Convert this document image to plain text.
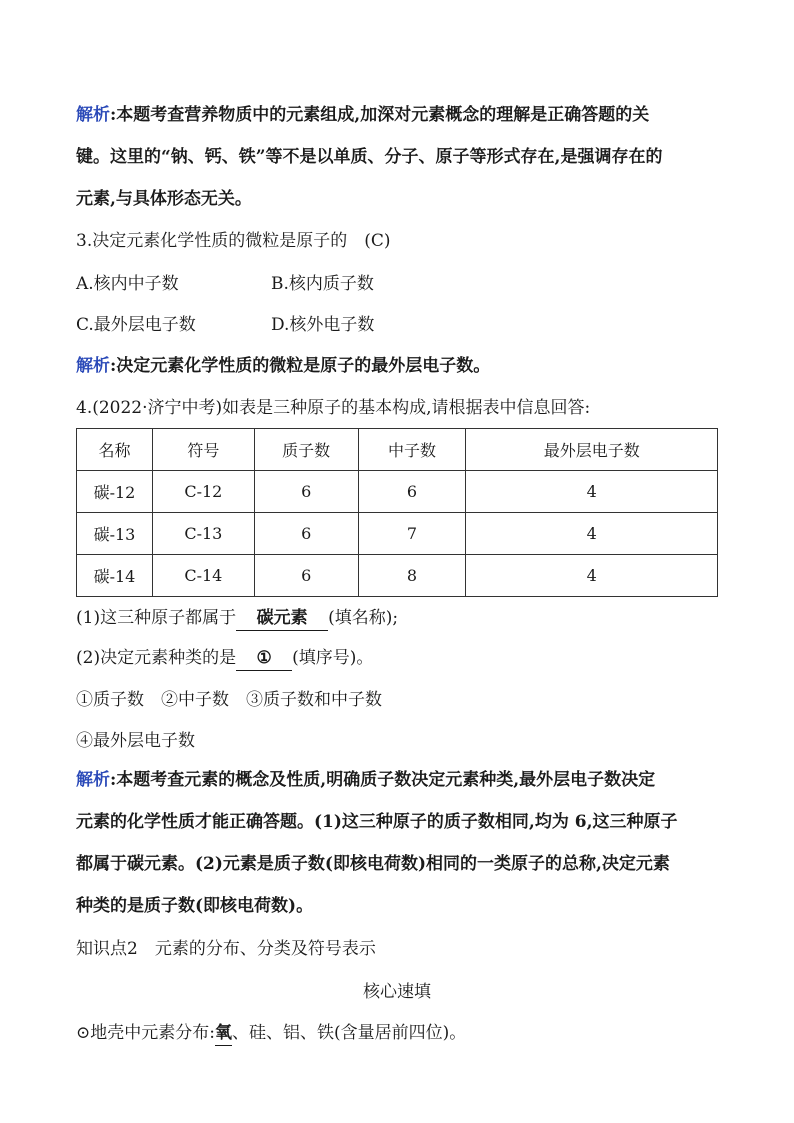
解析:本题考查营养物质中的元素组成,加深对元素概念的理解是正确答题的关
键。这里的“钠、钙、铁”等不是以单质、分子、原子等形式存在,是强调存在的
元素,与具体形态无关。
3.决定元素化学性质的微粒是原子的　(C)
A.核内中子数	B.核内质子数
C.最外层电子数	D.核外电子数
解析:决定元素化学性质的微粒是原子的最外层电子数。
4.(2022·济宁中考)如表是三种原子的基本构成,请根据表中信息回答:
名称	符号	质子数	中子数	最外层电子数
碳-12	C-12	6	6	4
碳-13	C-13	6	7	4
碳-14	C-14	6	8	4
(1)这三种原子都属于 碳元素 (填名称);
(2)决定元素种类的是 ① (填序号)。
①质子数　②中子数　③质子数和中子数
④最外层电子数
解析:本题考查元素的概念及性质,明确质子数决定元素种类,最外层电子数决定
元素的化学性质才能正确答题。(1)这三种原子的质子数相同,均为 6,这三种原子
都属于碳元素。(2)元素是质子数(即核电荷数)相同的一类原子的总称,决定元素
种类的是质子数(即核电荷数)。
知识点2　元素的分布、分类及符号表示
核心速填
⊙地壳中元素分布:氧、硅、铝、铁(含量居前四位)。
